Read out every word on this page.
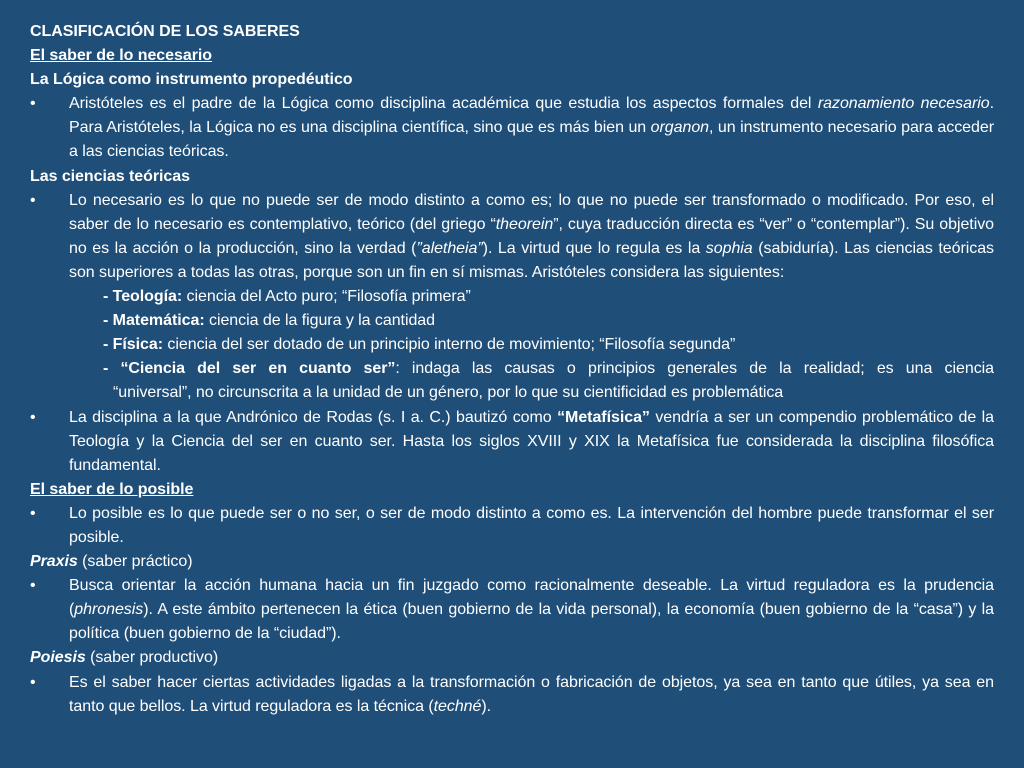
CLASIFICACIÓN DE LOS SABERES

El saber de lo necesario

La Lógica como instrumento propedéutico

•	Aristóteles es el padre de la Lógica como disciplina académica que estudia los aspectos formales del razonamiento necesario. Para Aristóteles, la Lógica no es una disciplina científica, sino que es más bien un organon, un instrumento necesario para acceder a las ciencias teóricas.

Las ciencias teóricas

•	Lo necesario es lo que no puede ser de modo distinto a como es; lo que no puede ser transformado o modificado. Por eso, el saber de lo necesario es contemplativo, teórico (del griego “theorein”, cuya traducción directa es “ver” o “contemplar”). Su objetivo no es la acción o la producción, sino la verdad (”aletheia”). La virtud que lo regula es la sophia (sabiduría). Las ciencias teóricas son superiores a todas las otras, porque son un fin en sí mismas. Aristóteles considera las siguientes:

- Teología: ciencia del Acto puro; “Filosofía primera”

- Matemática: ciencia de la figura y la cantidad

- Física: ciencia del ser dotado de un principio interno de movimiento; “Filosofía segunda”

- “Ciencia del ser en cuanto ser”: indaga las causas o principios generales de la realidad; es una ciencia
“universal”, no circunscrita a la unidad de un género, por lo que su cientificidad es problemática

•	La disciplina a la que Andrónico de Rodas (s. I a. C.) bautizó como “Metafísica” vendría a ser un compendio problemático de la Teología y la Ciencia del ser en cuanto ser. Hasta los siglos XVIII y XIX la Metafísica fue considerada la disciplina filosófica fundamental.

El saber de lo posible

•	Lo posible es lo que puede ser o no ser, o ser de modo distinto a como es. La intervención del hombre puede transformar el ser posible.

Praxis (saber práctico)

•	Busca orientar la acción humana hacia un fin juzgado como racionalmente deseable. La virtud reguladora es la prudencia (phronesis). A este ámbito pertenecen la ética (buen gobierno de la vida personal), la economía (buen gobierno de la “casa”) y la política (buen gobierno de la “ciudad”).

Poiesis (saber productivo)

•	Es el saber hacer ciertas actividades ligadas a la transformación o fabricación de objetos, ya sea en tanto que útiles, ya sea en tanto que bellos. La virtud reguladora es la técnica (techné).
